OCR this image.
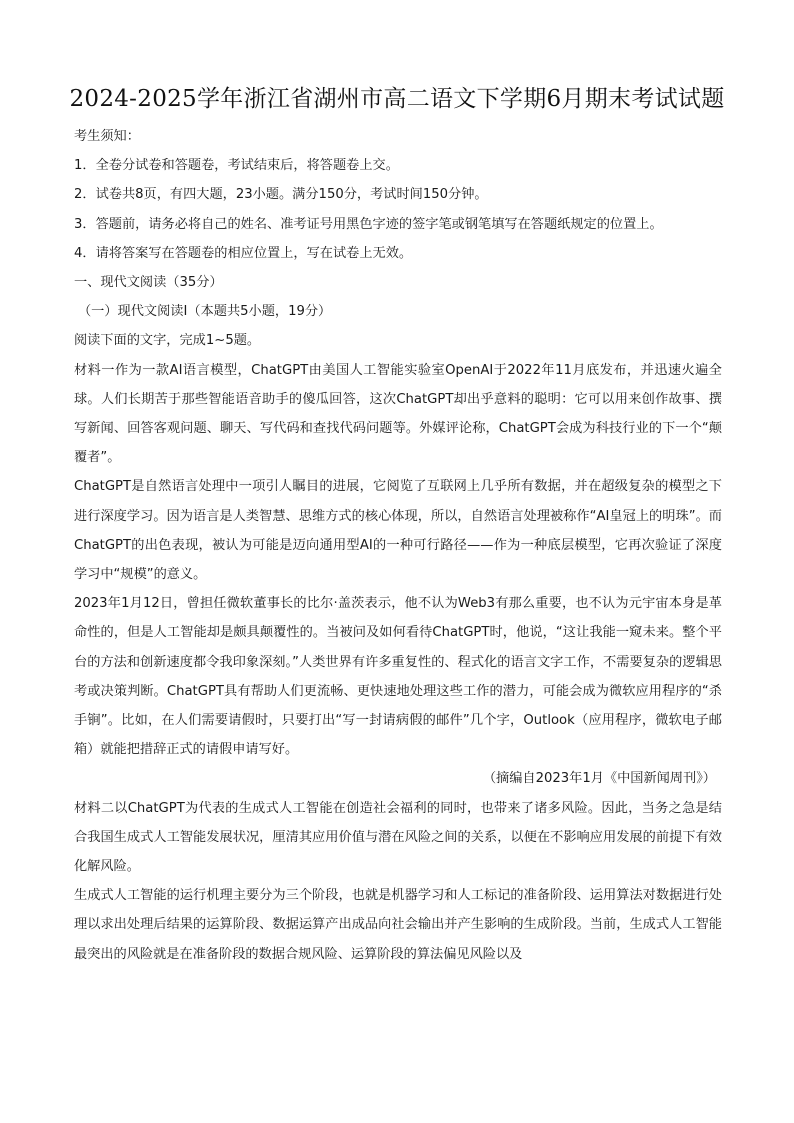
2024-2025学年浙江省湖州市高二语文下学期6月期末考试试题
考生须知：
1．全卷分试卷和答题卷，考试结束后，将答题卷上交。
2．试卷共8页，有四大题，23小题。满分150分，考试时间150分钟。
3．答题前，请务必将自己的姓名、准考证号用黑色字迹的签字笔或钢笔填写在答题纸规定的位置上。
4．请将答案写在答题卷的相应位置上，写在试卷上无效。
一、现代文阅读（35分）
（一）现代文阅读Ⅰ（本题共5小题，19分）
阅读下面的文字，完成1~5题。
材料一作为一款AI语言模型，ChatGPT由美国人工智能实验室OpenAI于2022年11月底发布，并迅速火遍全球。人们长期苦于那些智能语音助手的傻瓜回答，这次ChatGPT却出乎意料的聪明：它可以用来创作故事、撰写新闻、回答客观问题、聊天、写代码和查找代码问题等。外媒评论称，ChatGPT会成为科技行业的下一个“颠覆者”。
ChatGPT是自然语言处理中一项引人瞩目的进展，它阅览了互联网上几乎所有数据，并在超级复杂的模型之下进行深度学习。因为语言是人类智慧、思维方式的核心体现，所以，自然语言处理被称作“AI皇冠上的明珠”。而ChatGPT的出色表现，被认为可能是迈向通用型AI的一种可行路径——作为一种底层模型，它再次验证了深度学习中“规模”的意义。
2023年1月12日，曾担任微软董事长的比尔·盖茨表示，他不认为Web3有那么重要，也不认为元宇宙本身是革命性的，但是人工智能却是颇具颠覆性的。当被问及如何看待ChatGPT时，他说，“这让我能一窥未来。整个平台的方法和创新速度都令我印象深刻。”人类世界有许多重复性的、程式化的语言文字工作，不需要复杂的逻辑思考或决策判断。ChatGPT具有帮助人们更流畅、更快速地处理这些工作的潜力，可能会成为微软应用程序的“杀手锏”。比如，在人们需要请假时，只要打出“写一封请病假的邮件”几个字，Outlook（应用程序，微软电子邮箱）就能把措辞正式的请假申请写好。
（摘编自2023年1月《中国新闻周刊》）
材料二以ChatGPT为代表的生成式人工智能在创造社会福利的同时，也带来了诸多风险。因此，当务之急是结合我国生成式人工智能发展状况，厘清其应用价值与潜在风险之间的关系，以便在不影响应用发展的前提下有效化解风险。
生成式人工智能的运行机理主要分为三个阶段，也就是机器学习和人工标记的准备阶段、运用算法对数据进行处理以求出处理后结果的运算阶段、数据运算产出成品向社会输出并产生影响的生成阶段。当前，生成式人工智能最突出的风险就是在准备阶段的数据合规风险、运算阶段的算法偏见风险以及
